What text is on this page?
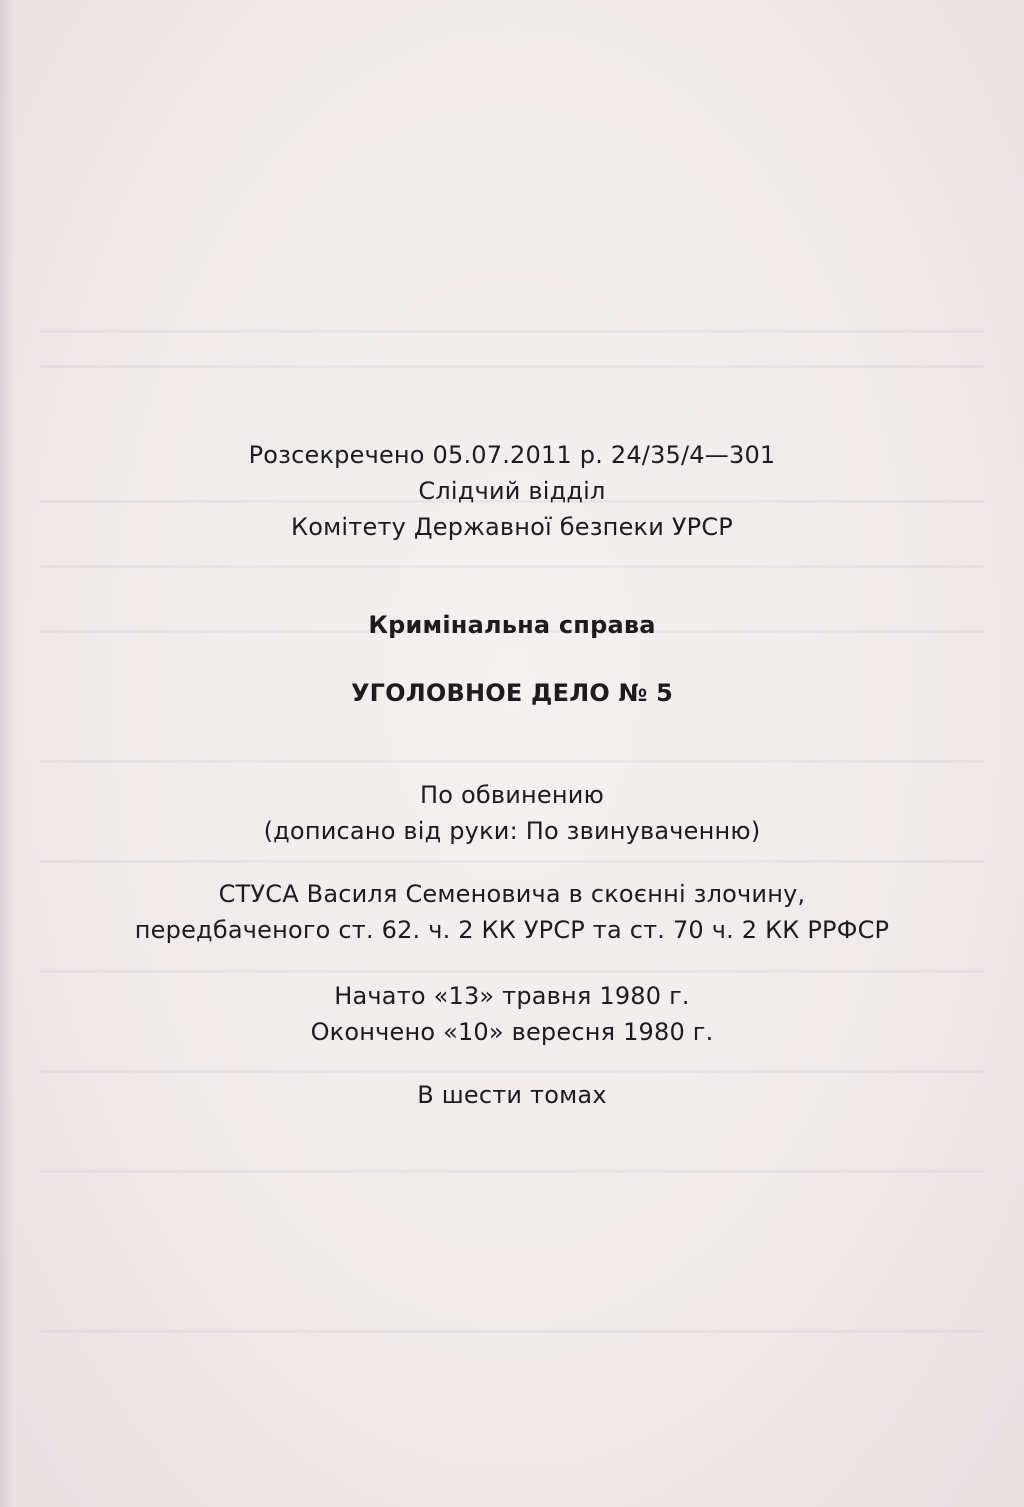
Розсекречено 05.07.2011 р. 24/35/4—301
Слідчий відділ
Комітету Державної безпеки УРСР
Кримінальна справа
УГОЛОВНОЕ ДЕЛО № 5
По обвинению
(дописано від руки: По звинуваченню)
СТУСА Василя Семеновича в скоєнні злочину,
передбаченого ст. 62. ч. 2 КК УРСР та ст. 70 ч. 2 КК РРФСР
Начато «13» травня 1980 г.
Окончено «10» вересня 1980 г.
В шести томах
